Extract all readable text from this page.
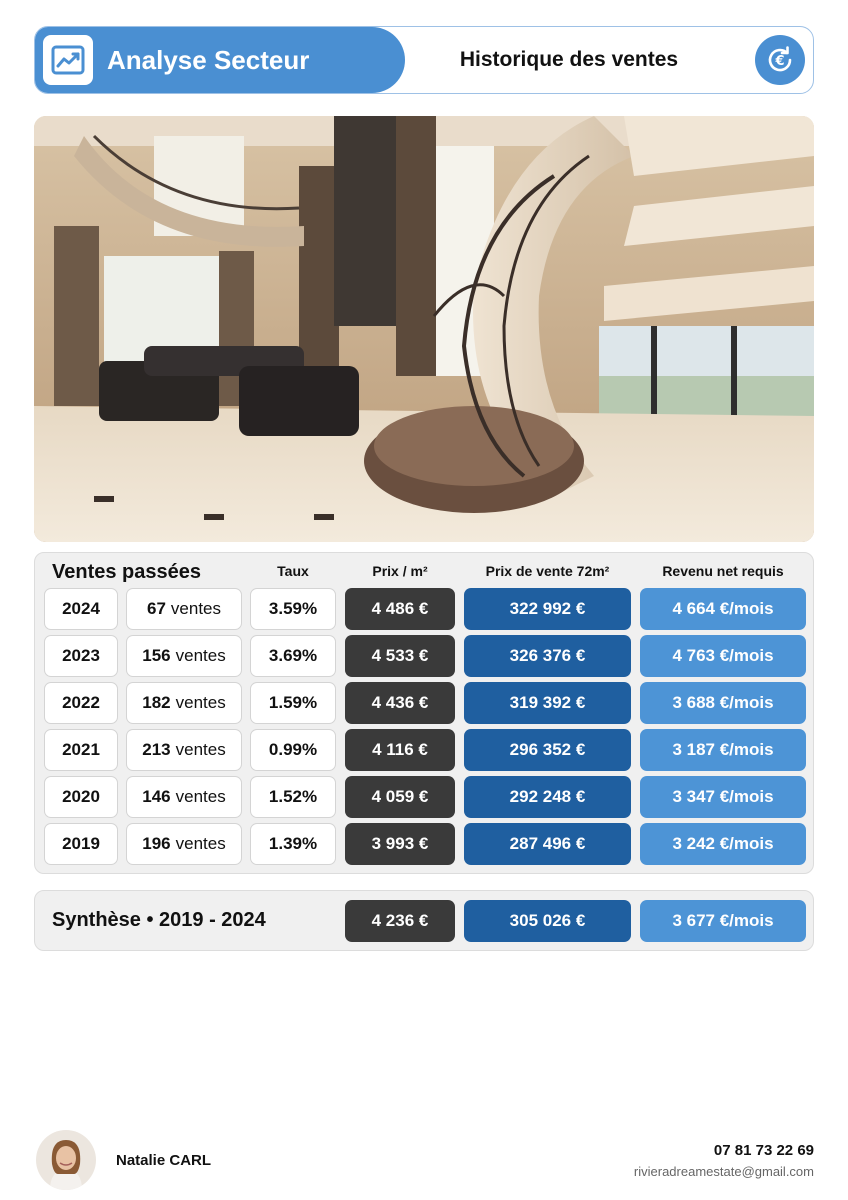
Analyse Secteur	Historique des ventes	€
Ventes passées	Taux	Prix / m²	Prix de vente 72m²	Revenu net requis
2024	67 ventes	3.59%	4 486 €	322 992 €	4 664 €/mois
2023	156 ventes	3.69%	4 533 €	326 376 €	4 763 €/mois
2022	182 ventes	1.59%	4 436 €	319 392 €	3 688 €/mois
2021	213 ventes	0.99%	4 116 €	296 352 €	3 187 €/mois
2020	146 ventes	1.52%	4 059 €	292 248 €	3 347 €/mois
2019	196 ventes	1.39%	3 993 €	287 496 €	3 242 €/mois
Synthèse • 2019 - 2024	4 236 €	305 026 €	3 677 €/mois
Natalie CARL
07 81 73 22 69
rivieradreamestate@gmail.com
